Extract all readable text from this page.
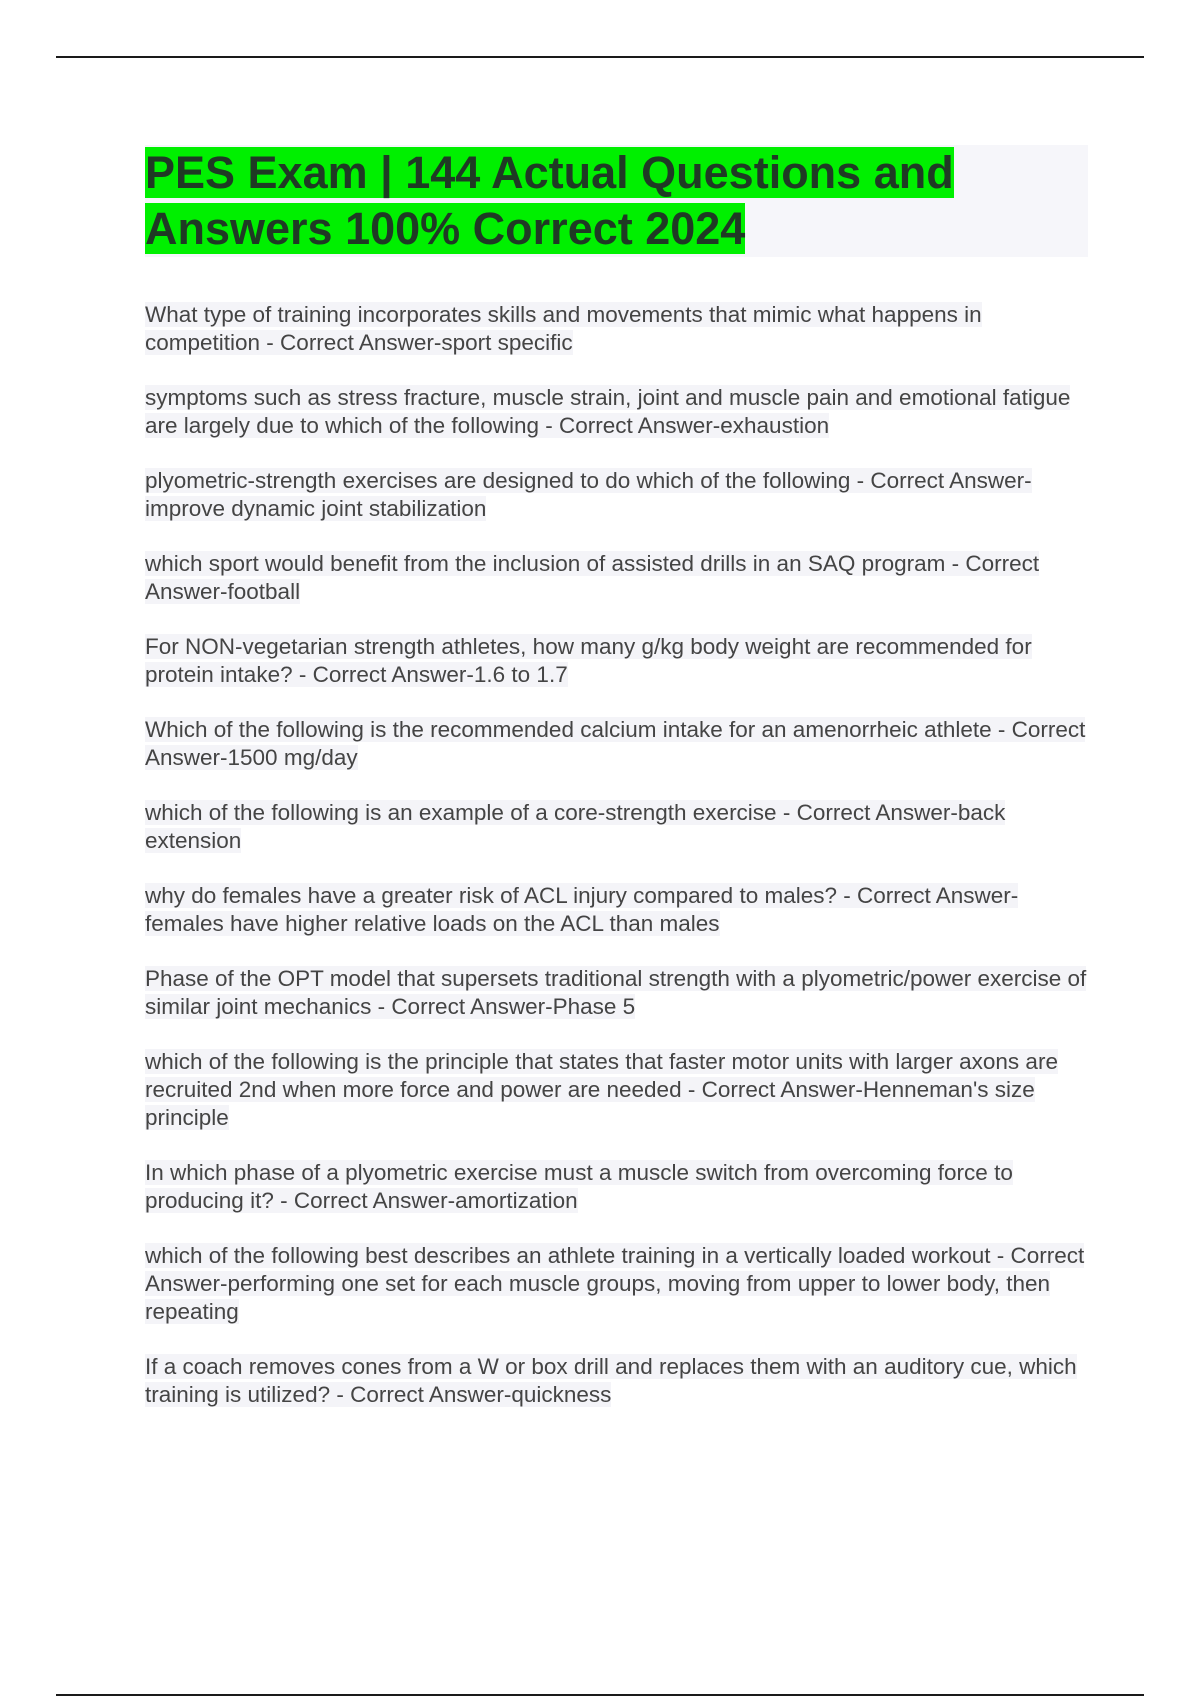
PES Exam | 144 Actual Questions and
Answers 100% Correct 2024

What type of training incorporates skills and movements that mimic what happens in competition - Correct Answer-sport specific

symptoms such as stress fracture, muscle strain, joint and muscle pain and emotional fatigue are largely due to which of the following - Correct Answer-exhaustion

plyometric-strength exercises are designed to do which of the following - Correct Answer-improve dynamic joint stabilization

which sport would benefit from the inclusion of assisted drills in an SAQ program - Correct Answer-football

For NON-vegetarian strength athletes, how many g/kg body weight are recommended for protein intake? - Correct Answer-1.6 to 1.7

Which of the following is the recommended calcium intake for an amenorrheic athlete - Correct Answer-1500 mg/day

which of the following is an example of a core-strength exercise - Correct Answer-back extension

why do females have a greater risk of ACL injury compared to males? - Correct Answer-females have higher relative loads on the ACL than males

Phase of the OPT model that supersets traditional strength with a plyometric/power exercise of similar joint mechanics - Correct Answer-Phase 5

which of the following is the principle that states that faster motor units with larger axons are recruited 2nd when more force and power are needed - Correct Answer-Henneman's size principle

In which phase of a plyometric exercise must a muscle switch from overcoming force to producing it? - Correct Answer-amortization

which of the following best describes an athlete training in a vertically loaded workout - Correct Answer-performing one set for each muscle groups, moving from upper to lower body, then repeating

If a coach removes cones from a W or box drill and replaces them with an auditory cue, which training is utilized? - Correct Answer-quickness
